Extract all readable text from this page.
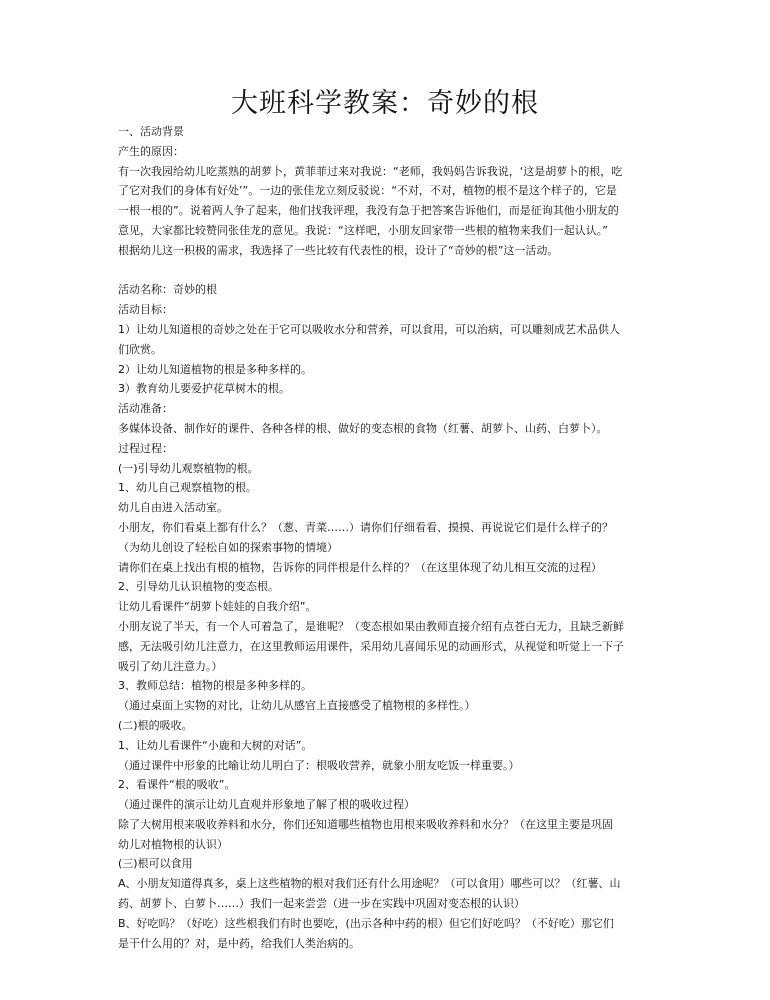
大班科学教案：奇妙的根
一、活动背景
产生的原因：
有一次我园给幼儿吃蒸熟的胡萝卜，黄菲菲过来对我说：“老师，我妈妈告诉我说，‘这是胡萝卜的根，吃
了它对我们的身体有好处’”。一边的张佳龙立刻反驳说：“不对，不对，植物的根不是这个样子的，它是
一根一根的”。说着两人争了起来，他们找我评理，我没有急于把答案告诉他们，而是征询其他小朋友的
意见，大家都比较赞同张佳龙的意见。我说：“这样吧，小朋友回家带一些根的植物来我们一起认认。”
根据幼儿这一积极的需求，我选择了一些比较有代表性的根，设计了“奇妙的根”这一活动。
活动名称：奇妙的根
活动目标：
1）让幼儿知道根的奇妙之处在于它可以吸收水分和营养，可以食用，可以治病，可以雕刻成艺术品供人
们欣赏。
2）让幼儿知道植物的根是多种多样的。
3）教育幼儿要爱护花草树木的根。
活动准备：
多媒体设备、制作好的课件、各种各样的根、做好的变态根的食物（红薯、胡萝卜、山药、白萝卜）。
过程过程：
(一)引导幼儿观察植物的根。
1、幼儿自己观察植物的根。
幼儿自由进入活动室。
小朋友，你们看桌上都有什么？（葱、青菜……）请你们仔细看看、摸摸、再说说它们是什么样子的？
（为幼儿创设了轻松自如的探索事物的情境）
请你们在桌上找出有根的植物，告诉你的同伴根是什么样的？（在这里体现了幼儿相互交流的过程）
2、引导幼儿认识植物的变态根。
让幼儿看课件“胡萝卜娃娃的自我介绍”。
小朋友说了半天，有一个人可着急了，是谁呢？（变态根如果由教师直接介绍有点苍白无力，且缺乏新鲜
感，无法吸引幼儿注意力，在这里教师运用课件，采用幼儿喜闻乐见的动画形式，从视觉和听觉上一下子
吸引了幼儿注意力。）
3、教师总结：植物的根是多种多样的。
（通过桌面上实物的对比，让幼儿从感官上直接感受了植物根的多样性。）
(二)根的吸收。
1、让幼儿看课件“小鹿和大树的对话”。
（通过课件中形象的比喻让幼儿明白了：根吸收营养，就象小朋友吃饭一样重要。）
2、看课件“根的吸收”。
（通过课件的演示让幼儿直观并形象地了解了根的吸收过程）
除了大树用根来吸收养料和水分，你们还知道哪些植物也用根来吸收养料和水分？（在这里主要是巩固
幼儿对植物根的认识）
(三)根可以食用
A、小朋友知道得真多，桌上这些植物的根对我们还有什么用途呢？（可以食用）哪些可以？（红薯、山
药、胡萝卜、白萝卜……）我们一起来尝尝（进一步在实践中巩固对变态根的认识）
B、好吃吗？（好吃）这些根我们有时也要吃，(出示各种中药的根）但它们好吃吗？（不好吃）那它们
是干什么用的？对，是中药，给我们人类治病的。
